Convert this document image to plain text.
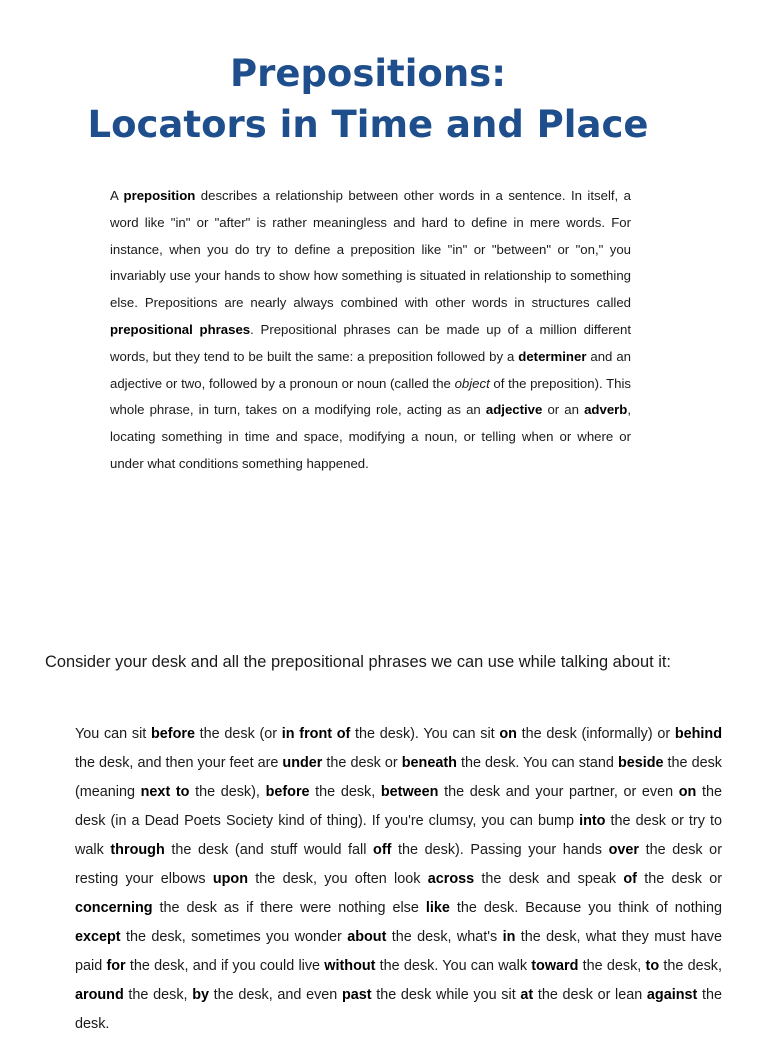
Prepositions:
Locators in Time and Place

A preposition describes a relationship between other words in a sentence. In itself, a word like "in" or "after" is rather meaningless and hard to define in mere words. For instance, when you do try to define a preposition like "in" or "between" or "on," you invariably use your hands to show how something is situated in relationship to something else. Prepositions are nearly always combined with other words in structures called prepositional phrases. Prepositional phrases can be made up of a million different words, but they tend to be built the same: a preposition followed by a determiner and an adjective or two, followed by a pronoun or noun (called the object of the preposition). This whole phrase, in turn, takes on a modifying role, acting as an adjective or an adverb, locating something in time and space, modifying a noun, or telling when or where or under what conditions something happened.

Consider your desk and all the prepositional phrases we can use while talking about it:

You can sit before the desk (or in front of the desk). You can sit on the desk (informally) or behind the desk, and then your feet are under the desk or beneath the desk. You can stand beside the desk (meaning next to the desk), before the desk, between the desk and your partner, or even on the desk (in a Dead Poets Society kind of thing). If you're clumsy, you can bump into the desk or try to walk through the desk (and stuff would fall off the desk). Passing your hands over the desk or resting your elbows upon the desk, you often look across the desk and speak of the desk or concerning the desk as if there were nothing else like the desk. Because you think of nothing except the desk, sometimes you wonder about the desk, what's in the desk, what they must have paid for the desk, and if you could live without the desk. You can walk toward the desk, to the desk, around the desk, by the desk, and even past the desk while you sit at the desk or lean against the desk.
